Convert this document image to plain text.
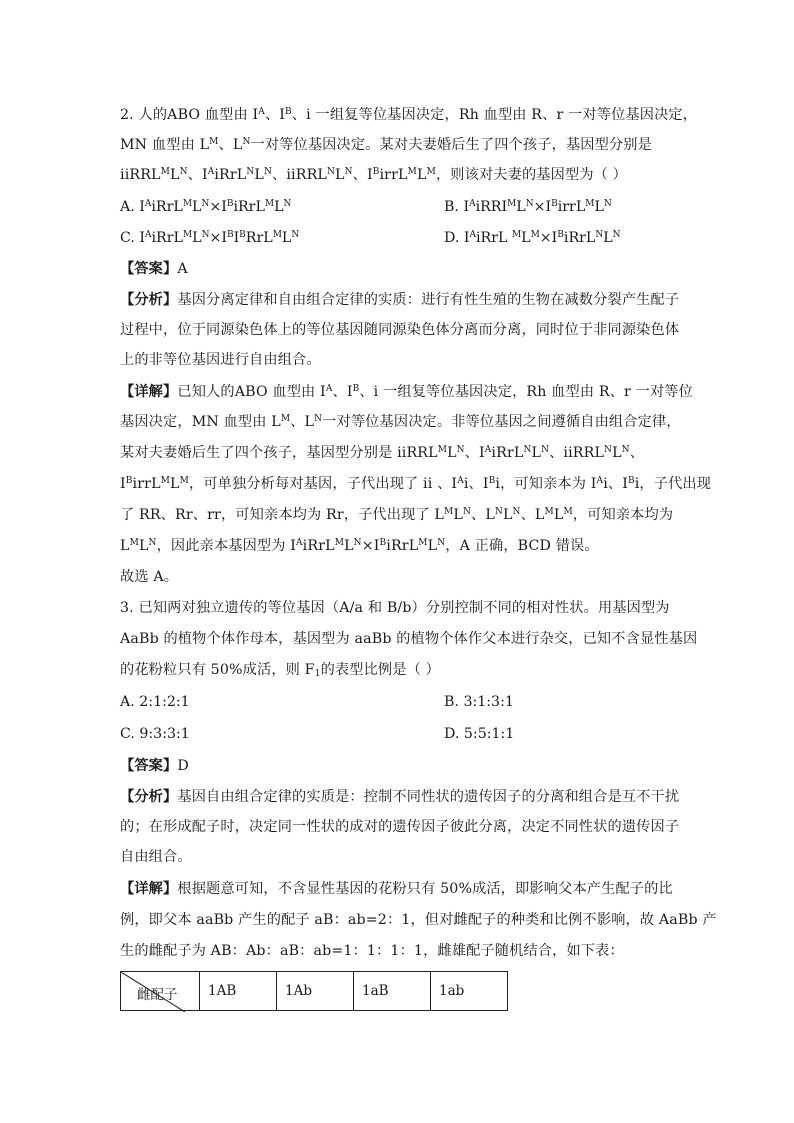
2. 人的ABO 血型由 $I^A$、$I^B$、i 一组复等位基因决定，Rh 血型由 R、r 一对等位基因决定，
MN 血型由 $L^M$、$L^N$一对等位基因决定。某对夫妻婚后生了四个孩子，基因型分别是
$iiRRL^ML^N$、$I^AiRrL^NL^N$、$iiRRL^NL^N$、$I^BirrL^ML^M$，则该对夫妻的基因型为（ ）
A. $I^AiRrL^ML^N\times I^BiRrL^ML^N$	B. $I^AiRRI^ML^N\times I^BirrL^ML^N$
C. $I^AiRrL^ML^N\times I^BI^BRrL^ML^N$	D. $I^AiRrL$ $^ML^M\times I^BiRrL^NL^N$
【答案】A
【分析】基因分离定律和自由组合定律的实质：进行有性生殖的生物在减数分裂产生配子
过程中，位于同源染色体上的等位基因随同源染色体分离而分离，同时位于非同源染色体
上的非等位基因进行自由组合。
【详解】已知人的ABO 血型由 $I^A$、$I^B$、i 一组复等位基因决定，Rh 血型由 R、r 一对等位
基因决定，MN 血型由 $L^M$、$L^N$一对等位基因决定。非等位基因之间遵循自由组合定律，
某对夫妻婚后生了四个孩子，基因型分别是 $iiRRL^ML^N$、$I^AiRrL^NL^N$、$iiRRL^NL^N$、
$I^BirrL^ML^M$，可单独分析每对基因，子代出现了 ii 、$I^Ai$、$I^Bi$，可知亲本为 $I^Ai$、$I^Bi$，子代出现
了 RR、Rr、rr，可知亲本均为 Rr，子代出现了 $L^ML^N$、$L^NL^N$、$L^ML^M$，可知亲本均为
$L^ML^N$，因此亲本基因型为 $I^AiRrL^ML^N\times I^BiRrL^ML^N$，A 正确，BCD 错误。
故选 A。
3. 已知两对独立遗传的等位基因（A/a 和 B/b）分别控制不同的相对性状。用基因型为
AaBb 的植物个体作母本，基因型为 aaBb 的植物个体作父本进行杂交，已知不含显性基因
的花粉粒只有 50%成活，则 $F_1$的表型比例是（ ）
A. 2:1:2:1	B. 3:1:3:1
C. 9:3:3:1	D. 5:5:1:1
【答案】D
【分析】基因自由组合定律的实质是：控制不同性状的遗传因子的分离和组合是互不干扰
的；在形成配子时，决定同一性状的成对的遗传因子彼此分离，决定不同性状的遗传因子
自由组合。
【详解】根据题意可知，不含显性基因的花粉只有 50%成活，即影响父本产生配子的比
例，即父本 aaBb 产生的配子 aB：ab=2：1，但对雌配子的种类和比例不影响，故 AaBb 产
生的雌配子为 AB：Ab：aB：ab=1：1：1：1，雌雄配子随机结合，如下表：
雌配子	1AB	1Ab	1aB	1ab
